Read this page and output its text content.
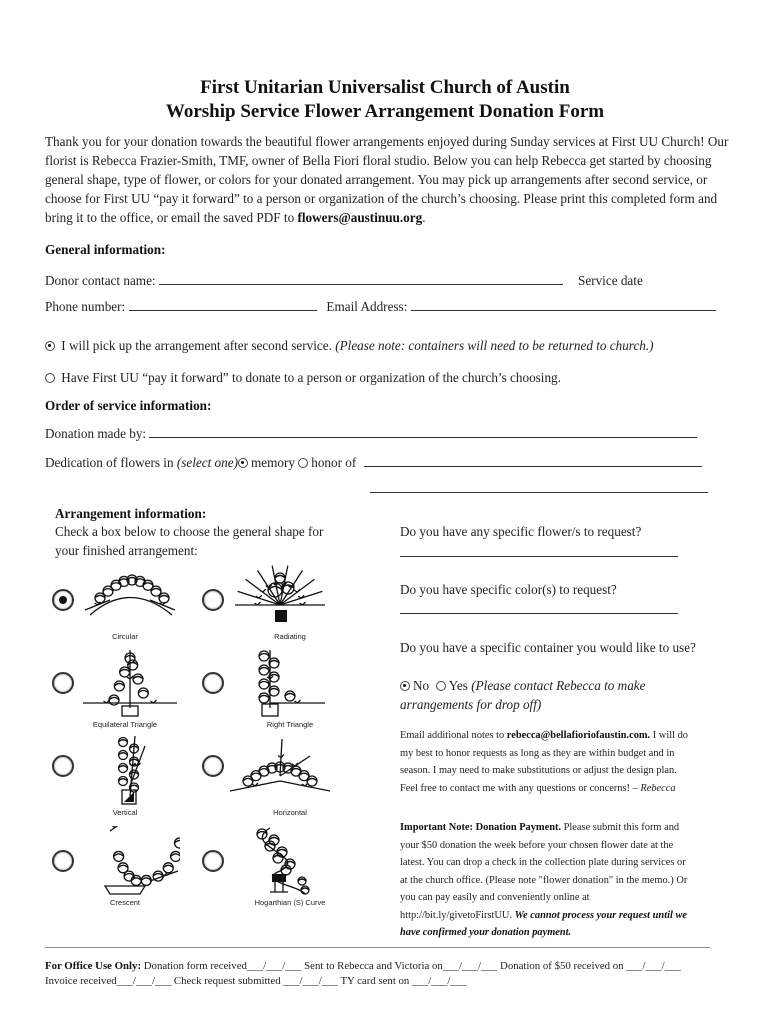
First Unitarian Universalist Church of Austin
Worship Service Flower Arrangement Donation Form
Thank you for your donation towards the beautiful flower arrangements enjoyed during Sunday services at First UU Church! Our florist is Rebecca Frazier-Smith, TMF, owner of Bella Fiori floral studio. Below you can help Rebecca get started by choosing general shape, type of flower, or colors for your donated arrangement. You may pick up arrangements after second service, or choose for First UU “pay it forward” to a person or organization of the church’s choosing. Please print this completed form and bring it to the office, or email the saved PDF to flowers@austinuu.org.
General information:
Donor contact name:	Service date
Phone number:	Email Address:
I will pick up the arrangement after second service. (Please note: containers will need to be returned to church.)
Have First UU “pay it forward” to donate to a person or organization of the church’s choosing.
Order of service information:
Donation made by:
Dedication of flowers in (select one) memory honor of
Arrangement information:
Check a box below to choose the general shape for
your finished arrangement:
Circular	Radiating
Equilateral Triangle	Right Triangle
Vertical	Horizontal
Crescent	Hogarthian (S) Curve
Do you have any specific flower/s to request?
Do you have specific color(s) to request?
Do you have a specific container you would like to use?
No Yes (Please contact Rebecca to make arrangements for drop off)
Email additional notes to rebecca@bellafioriofaustin.com. I will do my best to honor requests as long as they are within budget and in season. I may need to make substitutions or adjust the design plan. Feel free to contact me with any questions or concerns! – Rebecca
Important Note: Donation Payment. Please submit this form and your $50 donation the week before your chosen flower date at the latest. You can drop a check in the collection plate during services or at the church office. (Please note "flower donation" in the memo.) Or you can pay easily and conveniently online at http://bit.ly/givetoFirstUU. We cannot process your request until we have confirmed your donation payment.
For Office Use Only: Donation form received___/___/___ Sent to Rebecca and Victoria on___/___/___ Donation of $50 received on ___/___/___
Invoice received___/___/___ Check request submitted ___/___/___ TY card sent on ___/___/___
